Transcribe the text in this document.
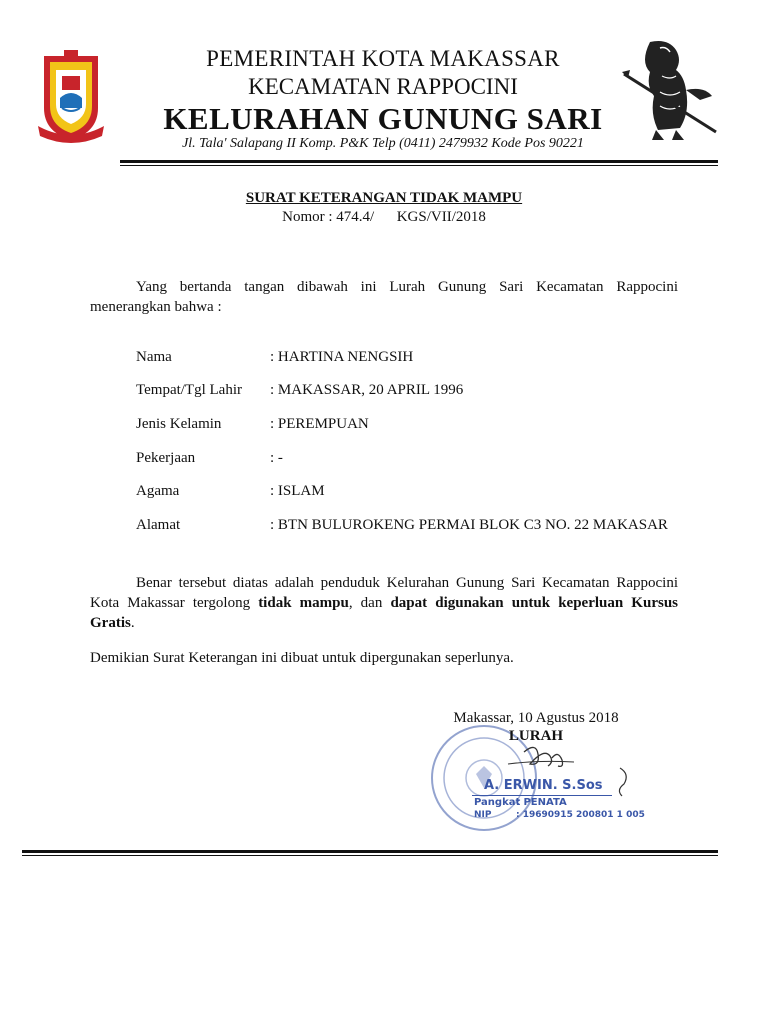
PEMERINTAH KOTA MAKASSAR
KECAMATAN RAPPOCINI
KELURAHAN GUNUNG SARI
Jl. Tala' Salapang II Komp. P&K Telp (0411) 2479932 Kode Pos 90221
SURAT KETERANGAN TIDAK MAMPU
Nomor : 474.4/      KGS/VII/2018
Yang bertanda tangan dibawah ini Lurah Gunung Sari Kecamatan Rappocini menerangkan bahwa :
Nama	: HARTINA NENGSIH
Tempat/Tgl Lahir : MAKASSAR, 20 APRIL 1996
Jenis Kelamin	: PEREMPUAN
Pekerjaan	: -
Agama	: ISLAM
Alamat	: BTN BULUROKENG PERMAI BLOK C3 NO. 22 MAKASAR
Benar tersebut diatas adalah penduduk Kelurahan Gunung Sari Kecamatan Rappocini Kota Makassar tergolong tidak mampu, dan dapat digunakan untuk keperluan Kursus Gratis.
Demikian Surat Keterangan ini dibuat untuk dipergunakan seperlunya.
Makassar, 10 Agustus 2018
LURAH
A. ERWIN. S.Sos
Pangkat: PENATA
NIP	: 19690915 200801 1 005
